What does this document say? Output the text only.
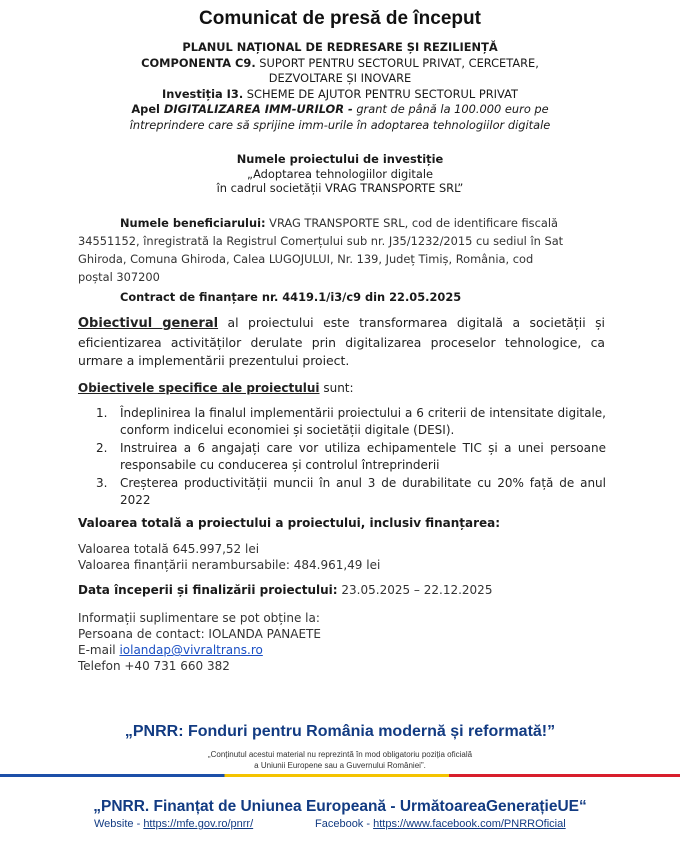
Comunicat de presă de început
PLANUL NAȚIONAL DE REDRESARE ȘI REZILIENȚĂ
COMPONENTA C9. SUPORT PENTRU SECTORUL PRIVAT, CERCETARE,
DEZVOLTARE ȘI INOVARE
Investiția I3. SCHEME DE AJUTOR PENTRU SECTORUL PRIVAT
Apel DIGITALIZAREA IMM-URILOR - grant de până la 100.000 euro pe
întreprindere care să sprijine imm-urile în adoptarea tehnologiilor digitale
Numele proiectului de investiție
„Adoptarea tehnologiilor digitale
în cadrul societății VRAG TRANSPORTE SRL”
Numele beneficiarului: VRAG TRANSPORTE SRL, cod de identificare fiscală
34551152, înregistrată la Registrul Comerțului sub nr. J35/1232/2015 cu sediul în Sat
Ghiroda, Comuna Ghiroda, Calea LUGOJULUI, Nr. 139, Județ Timiș, România, cod
poștal 307200
Contract de finanțare nr. 4419.1/i3/c9 din 22.05.2025
Obiectivul general al proiectului este transformarea digitală a societății și eficientizarea activităților derulate prin digitalizarea proceselor tehnologice, ca urmare a implementării prezentului proiect.
Obiectivele specifice ale proiectului sunt:
1.	Îndeplinirea la finalul implementării proiectului a 6 criterii de intensitate digitale, conform indicelui economiei și societății digitale (DESI).
2.	Instruirea a 6 angajați care vor utiliza echipamentele TIC și a unei persoane responsabile cu conducerea și controlul întreprinderii
3.	Creșterea productivității muncii în anul 3 de durabilitate cu 20% față de anul 2022
Valoarea totală a proiectului a proiectului, inclusiv finanțarea:
Valoarea totală 645.997,52 lei
Valoarea finanțării nerambursabile: 484.961,49 lei
Data începerii și finalizării proiectului: 23.05.2025 – 22.12.2025
Informații suplimentare se pot obține la:
Persoana de contact: IOLANDA PANAETE
E-mail iolandap@vivraltrans.ro
Telefon +40 731 660 382
„PNRR: Fonduri pentru România modernă și reformată!”
„Conținutul acestui material nu reprezintă în mod obligatoriu poziția oficială
a Uniunii Europene sau a Guvernului României”.
„PNRR. Finanțat de Uniunea Europeană - UrmătoareaGenerațieUE“
Website - https://mfe.gov.ro/pnrr/	Facebook - https://www.facebook.com/PNRROficial
